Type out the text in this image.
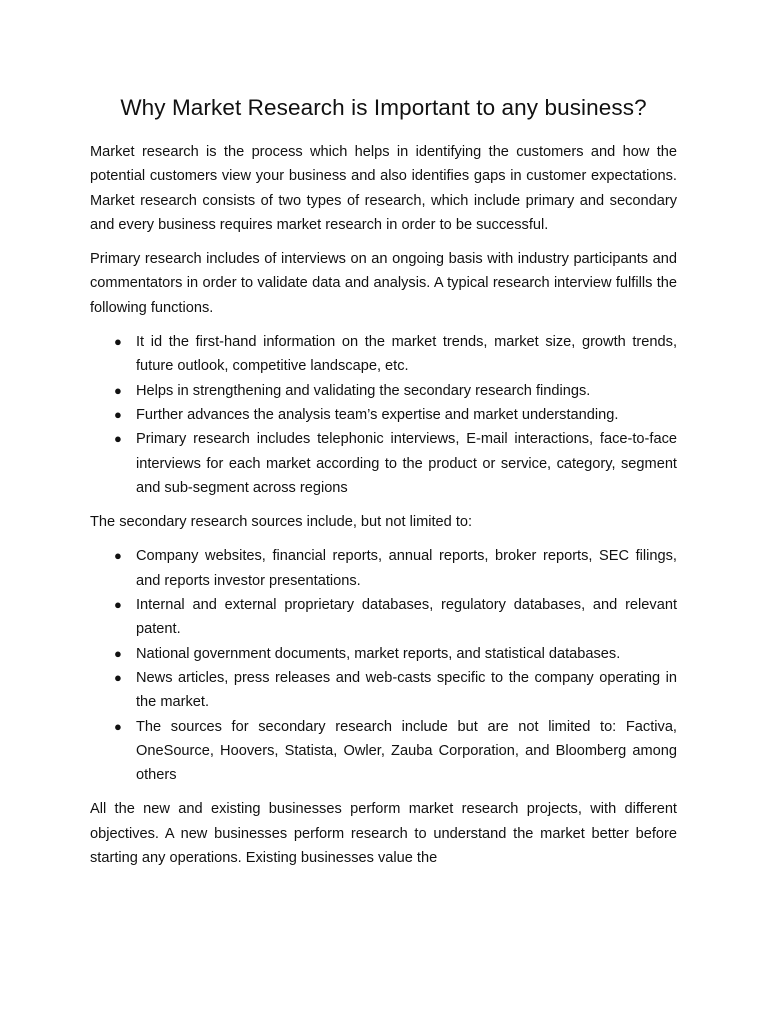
Why Market Research is Important to any business?

Market research is the process which helps in identifying the customers and how the potential customers view your business and also identifies gaps in customer expectations. Market research consists of two types of research, which include primary and secondary and every business requires market research in order to be successful.

Primary research includes of interviews on an ongoing basis with industry participants and commentators in order to validate data and analysis. A typical research interview fulfills the following functions.

● It id the first-hand information on the market trends, market size, growth trends, future outlook, competitive landscape, etc.
● Helps in strengthening and validating the secondary research findings.
● Further advances the analysis team’s expertise and market understanding.
● Primary research includes telephonic interviews, E-mail interactions, face-to-face interviews for each market according to the product or service, category, segment and sub-segment across regions

The secondary research sources include, but not limited to:

● Company websites, financial reports, annual reports, broker reports, SEC filings, and reports investor presentations.
● Internal and external proprietary databases, regulatory databases, and relevant patent.
● National government documents, market reports, and statistical databases.
● News articles, press releases and web-casts specific to the company operating in the market.
● The sources for secondary research include but are not limited to: Factiva, OneSource, Hoovers, Statista, Owler, Zauba Corporation, and Bloomberg among others

All the new and existing businesses perform market research projects, with different objectives. A new businesses perform research to understand the market better before starting any operations. Existing businesses value the
